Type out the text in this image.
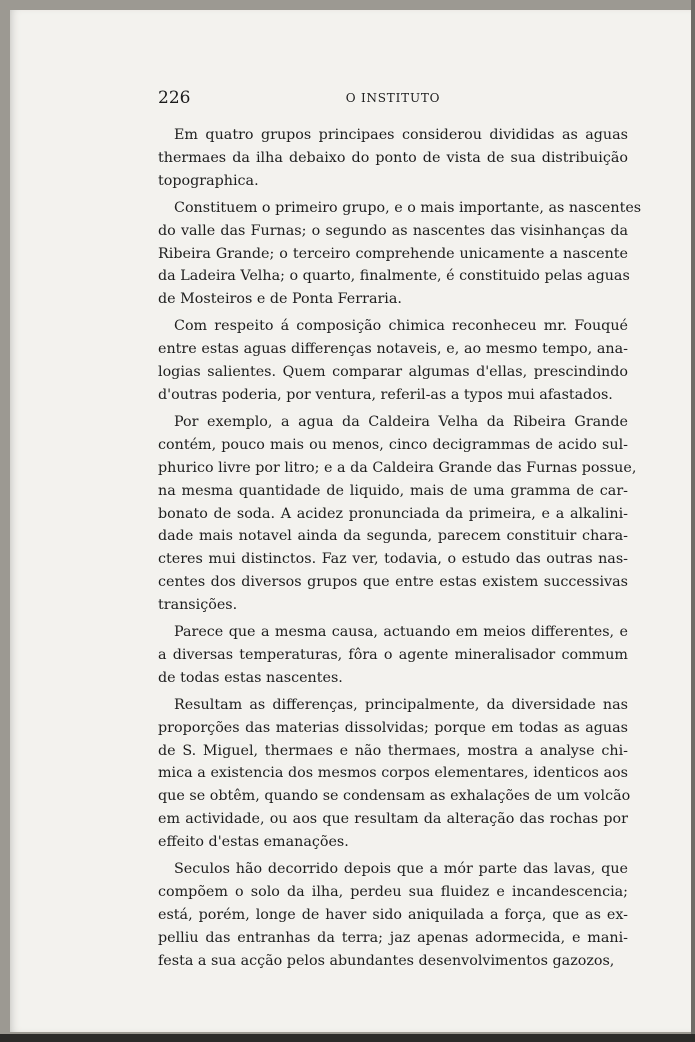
226	O INSTITUTO
Em quatro grupos principaes considerou divididas as aguas
thermaes da ilha debaixo do ponto de vista de sua distribuição
topographica.
Constituem o primeiro grupo, e o mais importante, as nascentes
do valle das Furnas; o segundo as nascentes das visinhanças da
Ribeira Grande; o terceiro comprehende unicamente a nascente
da Ladeira Velha; o quarto, finalmente, é constituido pelas aguas
de Mosteiros e de Ponta Ferraria.
Com respeito á composição chimica reconheceu mr. Fouqué
entre estas aguas differenças notaveis, e, ao mesmo tempo, ana-
logias salientes. Quem comparar algumas d'ellas, prescindindo
d'outras poderia, por ventura, referil-as a typos mui afastados.
Por exemplo, a agua da Caldeira Velha da Ribeira Grande
contém, pouco mais ou menos, cinco decigrammas de acido sul-
phurico livre por litro; e a da Caldeira Grande das Furnas possue,
na mesma quantidade de liquido, mais de uma gramma de car-
bonato de soda. A acidez pronunciada da primeira, e a alkalini-
dade mais notavel ainda da segunda, parecem constituir chara-
cteres mui distinctos. Faz ver, todavia, o estudo das outras nas-
centes dos diversos grupos que entre estas existem successivas
transições.
Parece que a mesma causa, actuando em meios differentes, e
a diversas temperaturas, fôra o agente mineralisador commum
de todas estas nascentes.
Resultam as differenças, principalmente, da diversidade nas
proporções das materias dissolvidas; porque em todas as aguas
de S. Miguel, thermaes e não thermaes, mostra a analyse chi-
mica a existencia dos mesmos corpos elementares, identicos aos
que se obtêm, quando se condensam as exhalações de um volcão
em actividade, ou aos que resultam da alteração das rochas por
effeito d'estas emanações.
Seculos hão decorrido depois que a mór parte das lavas, que
compõem o solo da ilha, perdeu sua fluidez e incandescencia;
está, porém, longe de haver sido aniquilada a força, que as ex-
pelliu das entranhas da terra; jaz apenas adormecida, e mani-
festa a sua acção pelos abundantes desenvolvimentos gazozos,
